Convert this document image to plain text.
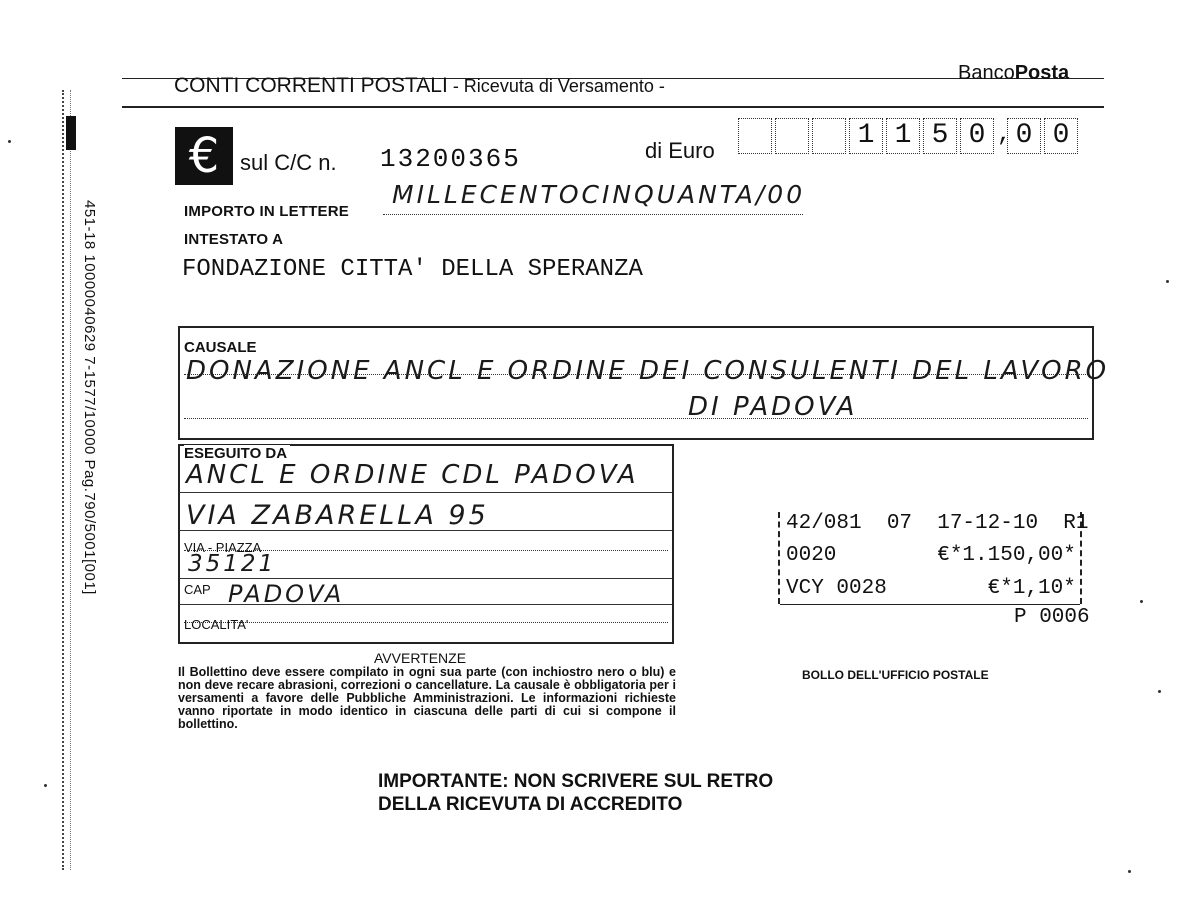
451-18 10000040629 7-1577/10000 Pag.790/5001[001]
CONTI CORRENTI POSTALI - Ricevuta di Versamento -
BancoPosta
€ sul C/C n. 13200365	di Euro	1 1 5 0 , 0 0
IMPORTO IN LETTERE
MILLECENTOCINQUANTA/00
INTESTATO A
FONDAZIONE CITTA' DELLA SPERANZA
CAUSALE
DONAZIONE ANCL E ORDINE DEI CONSULENTI DEL LAVORO
DI PADOVA
ESEGUITO DA
ANCL E ORDINE CDL PADOVA
VIA ZABARELLA 95
VIA - PIAZZA
35121
CAP PADOVA
LOCALITA'
42/081  07  17-12-10  R1
0020        €*1.150,00*
VCY 0028        €*1,10*
P 0006
AVVERTENZE
Il Bollettino deve essere compilato in ogni sua parte (con inchiostro nero o blu) e non deve recare abrasioni, correzioni o cancellature. La causale è obbligatoria per i versamenti a favore delle Pubbliche Amministrazioni. Le informazioni richieste vanno riportate in modo identico in ciascuna delle parti di cui si compone il bollettino.
BOLLO DELL'UFFICIO POSTALE
IMPORTANTE: NON SCRIVERE SUL RETRO
DELLA RICEVUTA DI ACCREDITO
